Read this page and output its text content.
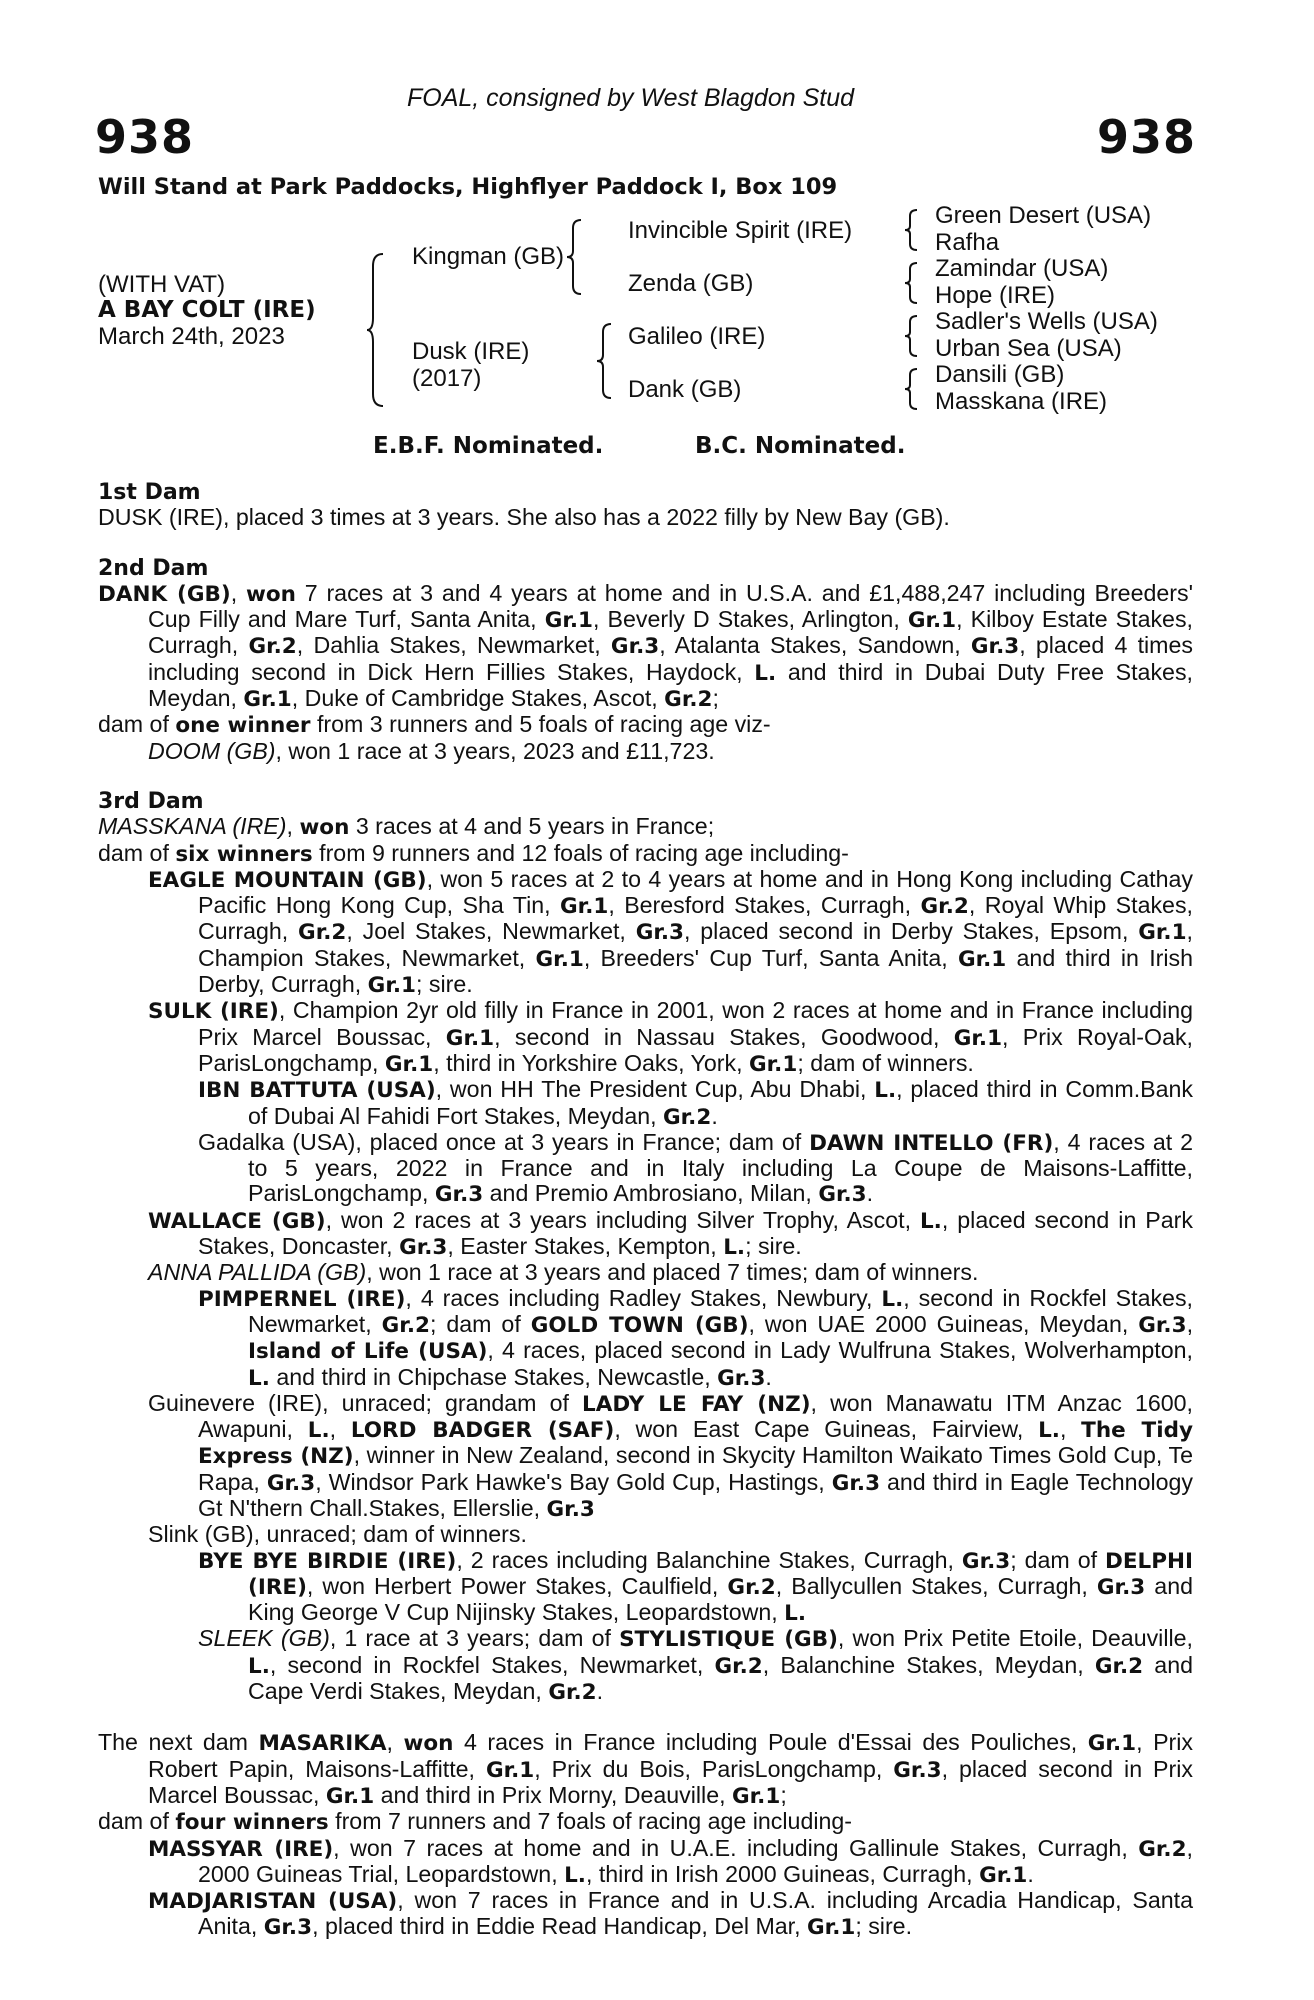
FOAL, consigned by West Blagdon Stud
938	938
Will Stand at Park Paddocks, Highflyer Paddock I, Box 109
(WITH VAT)
A BAY COLT (IRE)
March 24th, 2023
Kingman (GB)
Dusk (IRE)
(2017)
Invincible Spirit (IRE)
Zenda (GB)
Galileo (IRE)
Dank (GB)
Green Desert (USA)
Rafha
Zamindar (USA)
Hope (IRE)
Sadler's Wells (USA)
Urban Sea (USA)
Dansili (GB)
Masskana (IRE)
E.B.F. Nominated.	B.C. Nominated.

1st Dam

DUSK (IRE), placed 3 times at 3 years. She also has a 2022 filly by New Bay (GB).

2nd Dam

DANK (GB), won 7 races at 3 and 4 years at home and in U.S.A. and £1,488,247 including Breeders' Cup Filly and Mare Turf, Santa Anita, Gr.1, Beverly D Stakes, Arlington, Gr.1, Kilboy Estate Stakes, Curragh, Gr.2, Dahlia Stakes, Newmarket, Gr.3, Atalanta Stakes, Sandown, Gr.3, placed 4 times including second in Dick Hern Fillies Stakes, Haydock, L. and third in Dubai Duty Free Stakes, Meydan, Gr.1, Duke of Cambridge Stakes, Ascot, Gr.2;

dam of one winner from 3 runners and 5 foals of racing age viz-

DOOM (GB), won 1 race at 3 years, 2023 and £11,723.

3rd Dam

MASSKANA (IRE), won 3 races at 4 and 5 years in France;

dam of six winners from 9 runners and 12 foals of racing age including-

EAGLE MOUNTAIN (GB), won 5 races at 2 to 4 years at home and in Hong Kong including Cathay Pacific Hong Kong Cup, Sha Tin, Gr.1, Beresford Stakes, Curragh, Gr.2, Royal Whip Stakes, Curragh, Gr.2, Joel Stakes, Newmarket, Gr.3, placed second in Derby Stakes, Epsom, Gr.1, Champion Stakes, Newmarket, Gr.1, Breeders' Cup Turf, Santa Anita, Gr.1 and third in Irish Derby, Curragh, Gr.1; sire.

SULK (IRE), Champion 2yr old filly in France in 2001, won 2 races at home and in France including Prix Marcel Boussac, Gr.1, second in Nassau Stakes, Goodwood, Gr.1, Prix Royal-Oak, ParisLongchamp, Gr.1, third in Yorkshire Oaks, York, Gr.1; dam of winners.

IBN BATTUTA (USA), won HH The President Cup, Abu Dhabi, L., placed third in Comm.Bank of Dubai Al Fahidi Fort Stakes, Meydan, Gr.2.

Gadalka (USA), placed once at 3 years in France; dam of DAWN INTELLO (FR), 4 races at 2 to 5 years, 2022 in France and in Italy including La Coupe de Maisons-Laffitte, ParisLongchamp, Gr.3 and Premio Ambrosiano, Milan, Gr.3.

WALLACE (GB), won 2 races at 3 years including Silver Trophy, Ascot, L., placed second in Park Stakes, Doncaster, Gr.3, Easter Stakes, Kempton, L.; sire.

ANNA PALLIDA (GB), won 1 race at 3 years and placed 7 times; dam of winners.

PIMPERNEL (IRE), 4 races including Radley Stakes, Newbury, L., second in Rockfel Stakes, Newmarket, Gr.2; dam of GOLD TOWN (GB), won UAE 2000 Guineas, Meydan, Gr.3, Island of Life (USA), 4 races, placed second in Lady Wulfruna Stakes, Wolverhampton, L. and third in Chipchase Stakes, Newcastle, Gr.3.

Guinevere (IRE), unraced; grandam of LADY LE FAY (NZ), won Manawatu ITM Anzac 1600, Awapuni, L., LORD BADGER (SAF), won East Cape Guineas, Fairview, L., The Tidy Express (NZ), winner in New Zealand, second in Skycity Hamilton Waikato Times Gold Cup, Te Rapa, Gr.3, Windsor Park Hawke's Bay Gold Cup, Hastings, Gr.3 and third in Eagle Technology Gt N'thern Chall.Stakes, Ellerslie, Gr.3

Slink (GB), unraced; dam of winners.

BYE BYE BIRDIE (IRE), 2 races including Balanchine Stakes, Curragh, Gr.3; dam of DELPHI (IRE), won Herbert Power Stakes, Caulfield, Gr.2, Ballycullen Stakes, Curragh, Gr.3 and King George V Cup Nijinsky Stakes, Leopardstown, L.

SLEEK (GB), 1 race at 3 years; dam of STYLISTIQUE (GB), won Prix Petite Etoile, Deauville, L., second in Rockfel Stakes, Newmarket, Gr.2, Balanchine Stakes, Meydan, Gr.2 and Cape Verdi Stakes, Meydan, Gr.2.

The next dam MASARIKA, won 4 races in France including Poule d'Essai des Pouliches, Gr.1, Prix Robert Papin, Maisons-Laffitte, Gr.1, Prix du Bois, ParisLongchamp, Gr.3, placed second in Prix Marcel Boussac, Gr.1 and third in Prix Morny, Deauville, Gr.1;

dam of four winners from 7 runners and 7 foals of racing age including-

MASSYAR (IRE), won 7 races at home and in U.A.E. including Gallinule Stakes, Curragh, Gr.2, 2000 Guineas Trial, Leopardstown, L., third in Irish 2000 Guineas, Curragh, Gr.1.

MADJARISTAN (USA), won 7 races in France and in U.S.A. including Arcadia Handicap, Santa Anita, Gr.3, placed third in Eddie Read Handicap, Del Mar, Gr.1; sire.
